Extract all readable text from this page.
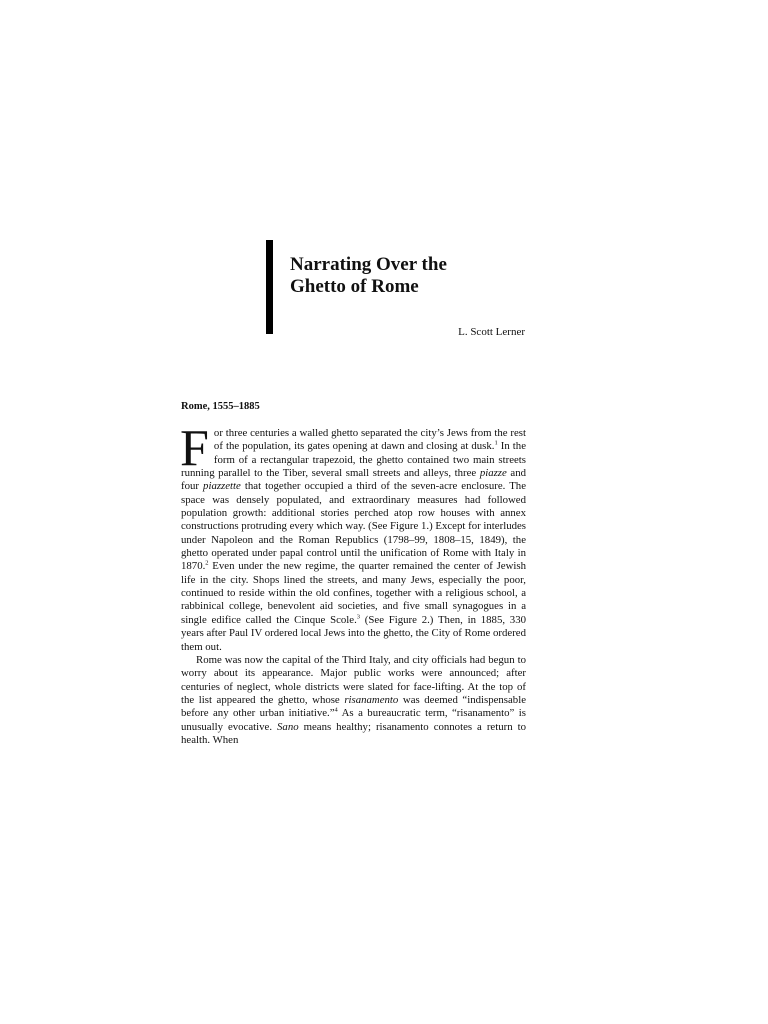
Narrating Over the
Ghetto of Rome
L. Scott Lerner
Rome, 1555–1885

For three centuries a walled ghetto separated the city’s Jews from the rest of the population, its gates opening at dawn and closing at dusk.$^1$ In the form of a rectangular trapezoid, the ghetto contained two main streets running parallel to the Tiber, several small streets and alleys, three piazze and four piazzette that together occupied a third of the seven-acre enclosure. The space was densely populated, and extraordinary measures had followed population growth: additional stories perched atop row houses with annex constructions protruding every which way. (See Figure 1.) Except for interludes under Napoleon and the Roman Republics (1798–99, 1808–15, 1849), the ghetto operated under papal control until the unification of Rome with Italy in 1870.$^2$ Even under the new regime, the quarter remained the center of Jewish life in the city. Shops lined the streets, and many Jews, especially the poor, continued to reside within the old confines, together with a religious school, a rabbinical college, benevolent aid societies, and five small synagogues in a single edifice called the Cinque Scole.$^3$ (See Figure 2.) Then, in 1885, 330 years after Paul IV ordered local Jews into the ghetto, the City of Rome ordered them out.

Rome was now the capital of the Third Italy, and city officials had begun to worry about its appearance. Major public works were announced; after centuries of neglect, whole districts were slated for face-lifting. At the top of the list appeared the ghetto, whose risanamento was deemed “indispensable before any other urban initiative.”$^4$ As a bureaucratic term, “risanamento” is unusually evocative. Sano means healthy; risanamento connotes a return to health. When
